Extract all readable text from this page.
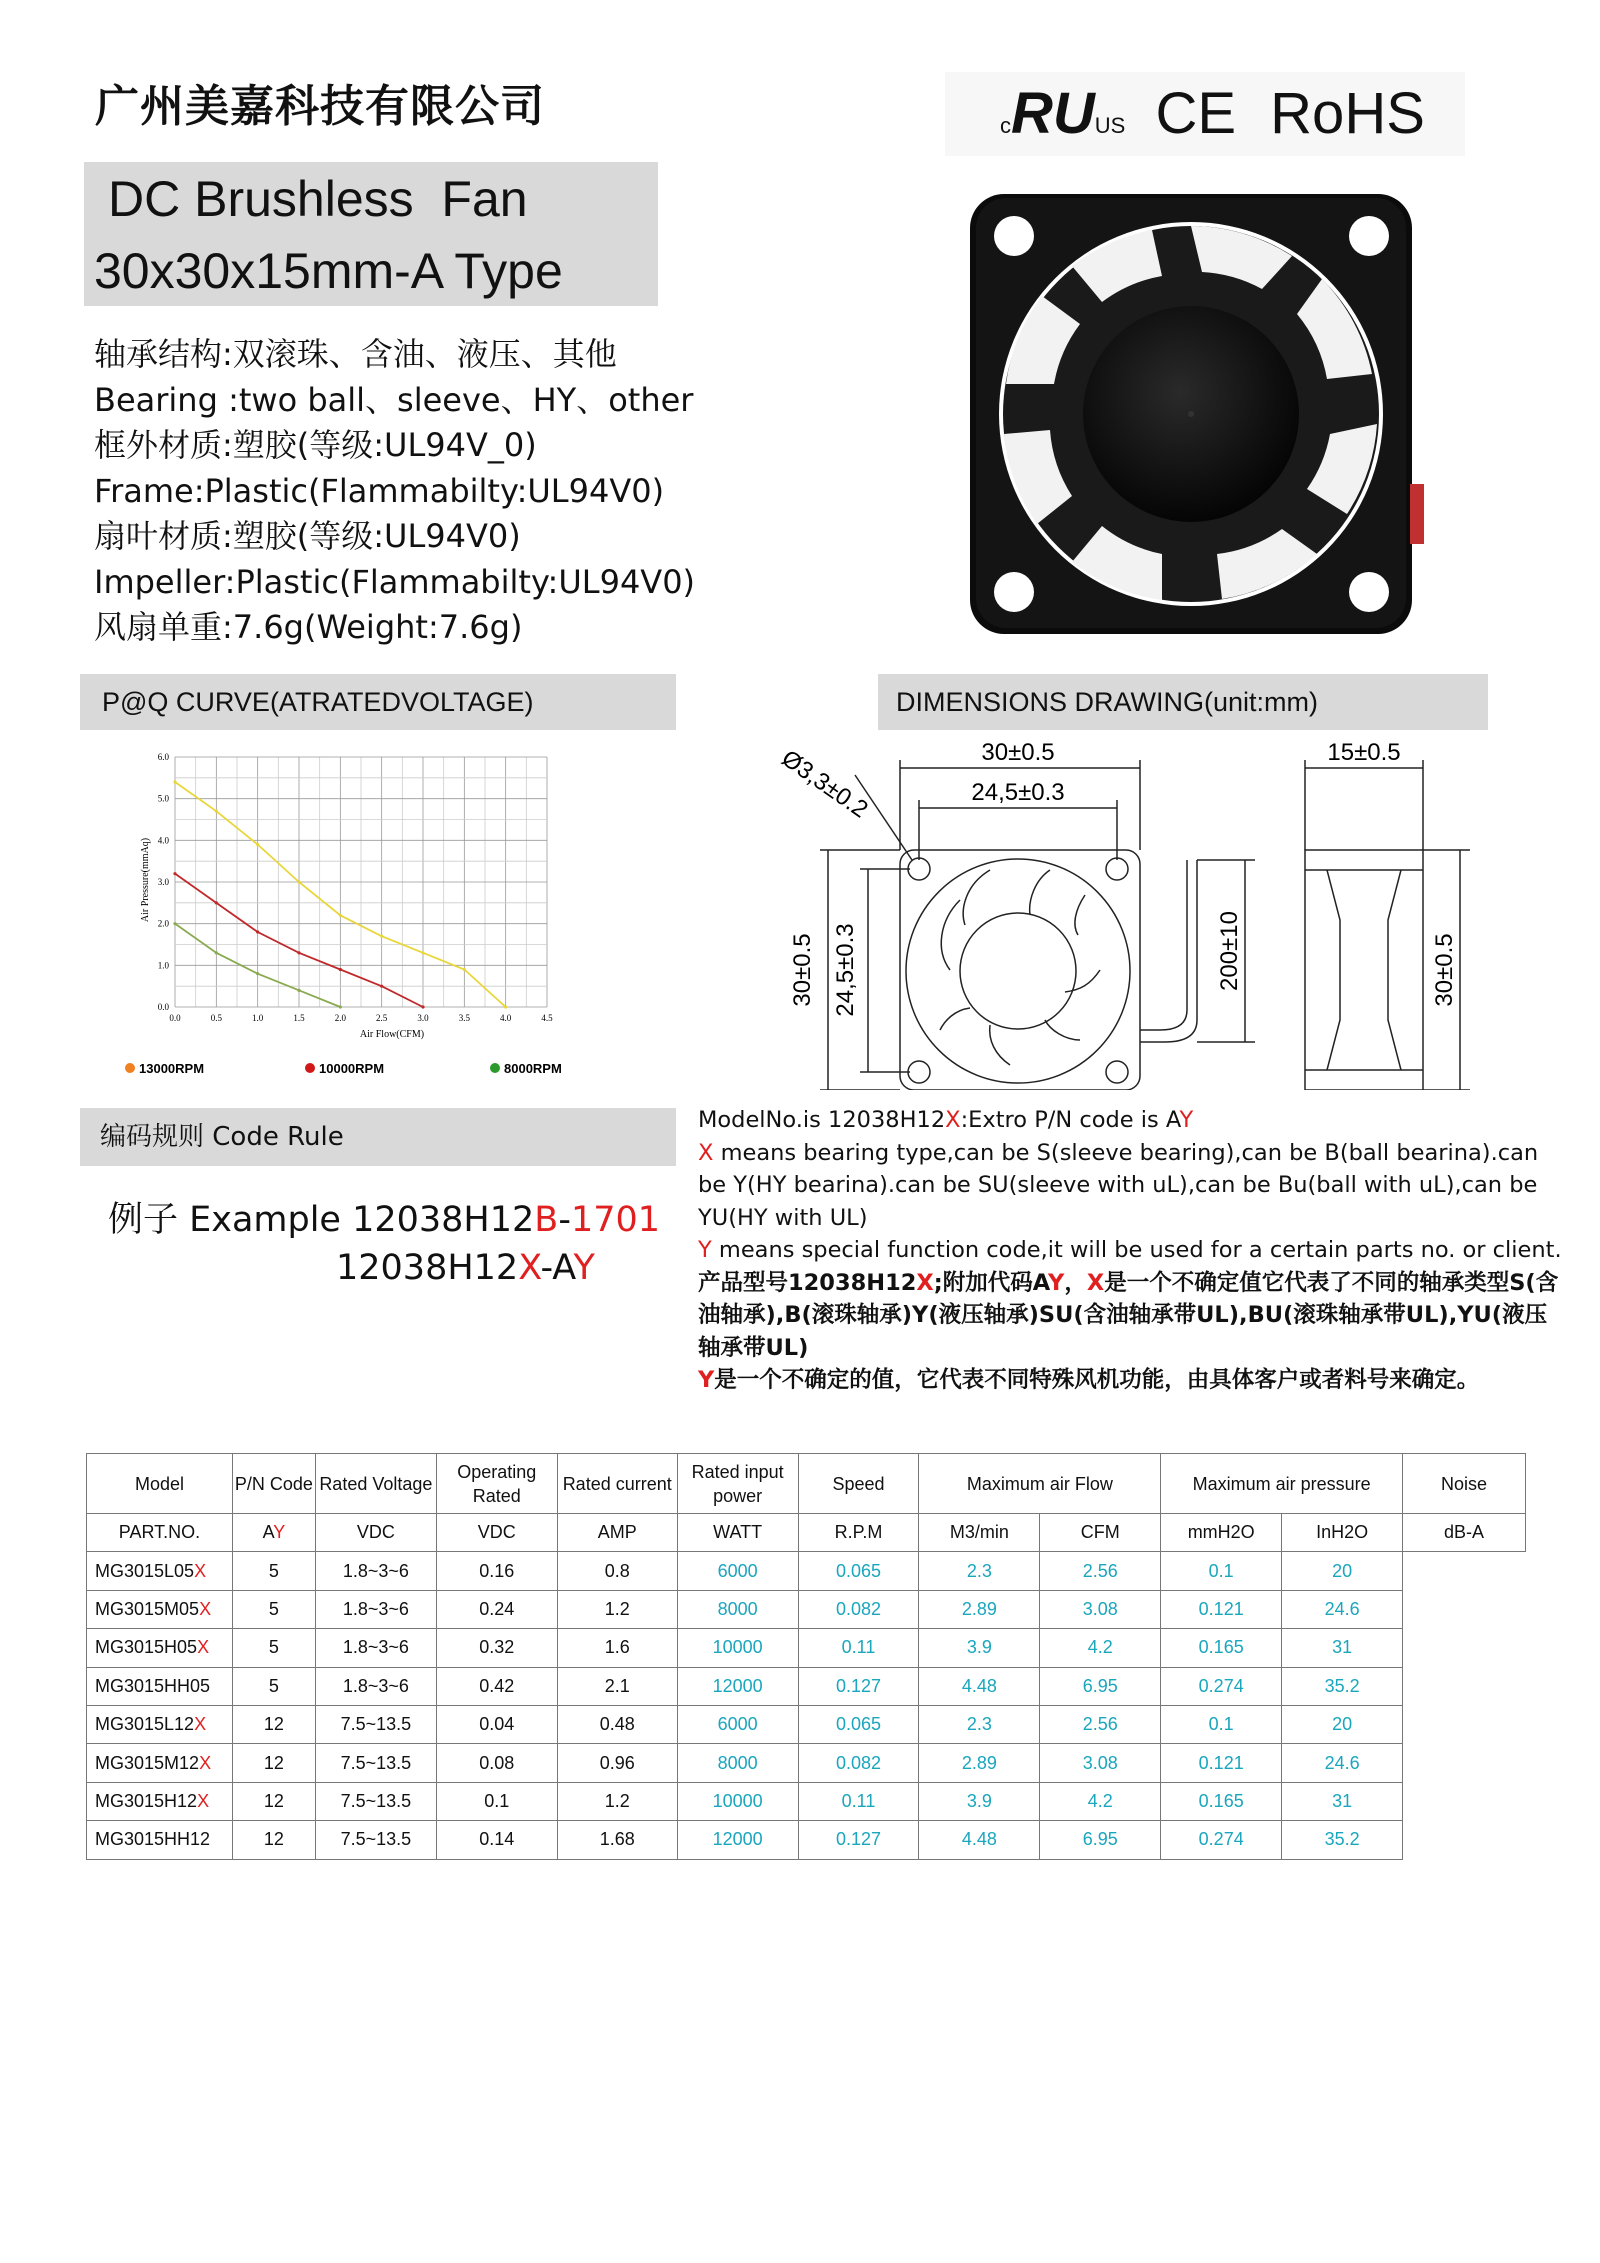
广州美嘉科技有限公司
DC Brushless  Fan
30x30x15mm-A Type
轴承结构:双滚珠、含油、液压、其他
Bearing :two ball、sleeve、HY、other
框外材质:塑胶(等级:UL94V_0)
Frame:Plastic(Flammabilty:UL94V0)
扇叶材质:塑胶(等级:UL94V0)
Impeller:Plastic(Flammabilty:UL94V0)
风扇单重:7.6g(Weight:7.6g)
cRUUS CE RoHS
P@Q CURVE(ATRATEDVOLTAGE)	DIMENSIONS DRAWING(unit:mm)
0.0	0.5	1.0	1.5	2.0	2.5	3.0	3.5	4.0	4.5
0.0
1.0
2.0
3.0
4.0
5.0
6.0
Air Pressure(mmAq)
Air Flow(CFM)
13000RPM	10000RPM	8000RPM
30±0.5
24,5±0.3
Ø3,3±0.2	15±0.5
30±0.5 24,5±0.3	200±10	30±0.5
编码规则 Code Rule
例子 Example 12038H12B-1701
12038H12X-AY
ModelNo.is 12038H12X:Extro P/N code is AY
X means bearing type,can be S(sleeve bearing),can be B(ball bearina).can be Y(HY bearina).can be SU(sleeve with uL),can be Bu(ball with uL),can be YU(HY with UL)
Y means special function code,it will be used for a certain parts no. or client.
产品型号12038H12X;附加代码AY，X是一个不确定值它代表了不同的轴承类型S(含油轴承),B(滚珠轴承)Y(液压轴承)SU(含油轴承带UL),BU(滚珠轴承带UL),YU(液压轴承带UL)
Y是一个不确定的值，它代表不同特殊风机功能，由具体客户或者料号来确定。
Model	P/N Code	Rated Voltage	Operating Rated	Rated current	Rated input power	Speed	Maximum air Flow		Maximum air pressure		Noise
PART.NO.	AY	VDC	VDC	AMP	WATT	R.P.M	M3/min	CFM	mmH2O	InH2O	dB-A
MG3015L05X	5	1.8~3~6	0.16	0.8	6000	0.065	2.3	2.56	0.1	20	
MG3015M05X	5	1.8~3~6	0.24	1.2	8000	0.082	2.89	3.08	0.121	24.6	
MG3015H05X	5	1.8~3~6	0.32	1.6	10000	0.11	3.9	4.2	0.165	31	
MG3015HH05	5	1.8~3~6	0.42	2.1	12000	0.127	4.48	6.95	0.274	35.2	
MG3015L12X	12	7.5~13.5	0.04	0.48	6000	0.065	2.3	2.56	0.1	20	
MG3015M12X	12	7.5~13.5	0.08	0.96	8000	0.082	2.89	3.08	0.121	24.6	
MG3015H12X	12	7.5~13.5	0.1	1.2	10000	0.11	3.9	4.2	0.165	31	
MG3015HH12	12	7.5~13.5	0.14	1.68	12000	0.127	4.48	6.95	0.274	35.2	
